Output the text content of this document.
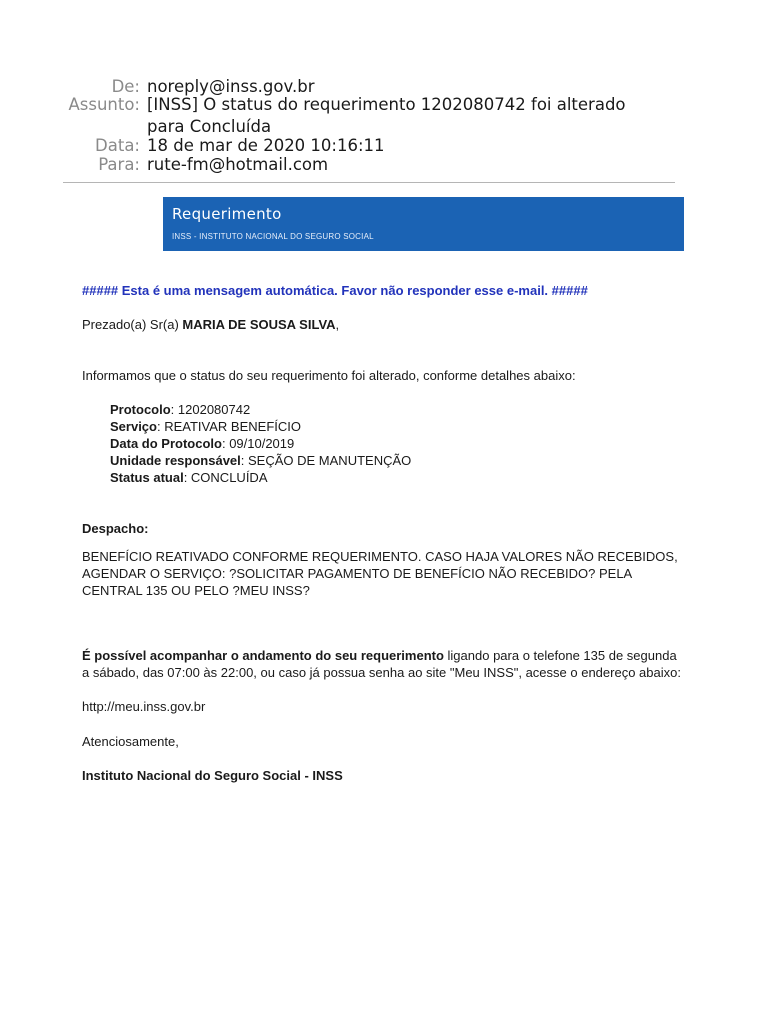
De: noreply@inss.gov.br
Assunto: [INSS] O status do requerimento 1202080742 foi alterado
para Concluída
Data: 18 de mar de 2020 10:16:11
Para: rute-fm@hotmail.com
Requerimento
INSS - INSTITUTO NACIONAL DO SEGURO SOCIAL
##### Esta é uma mensagem automática. Favor não responder esse e-mail. #####
Prezado(a) Sr(a) MARIA DE SOUSA SILVA,
Informamos que o status do seu requerimento foi alterado, conforme detalhes abaixo:
Protocolo: 1202080742
Serviço: REATIVAR BENEFÍCIO
Data do Protocolo: 09/10/2019
Unidade responsável: SEÇÃO DE MANUTENÇÃO
Status atual: CONCLUÍDA
Despacho:
BENEFÍCIO REATIVADO CONFORME REQUERIMENTO. CASO HAJA VALORES NÃO RECEBIDOS, AGENDAR O SERVIÇO: ?SOLICITAR PAGAMENTO DE BENEFÍCIO NÃO RECEBIDO? PELA CENTRAL 135 OU PELO ?MEU INSS?
É possível acompanhar o andamento do seu requerimento ligando para o telefone 135 de segunda a sábado, das 07:00 às 22:00, ou caso já possua senha ao site "Meu INSS", acesse o endereço abaixo:
http://meu.inss.gov.br
Atenciosamente,
Instituto Nacional do Seguro Social - INSS
